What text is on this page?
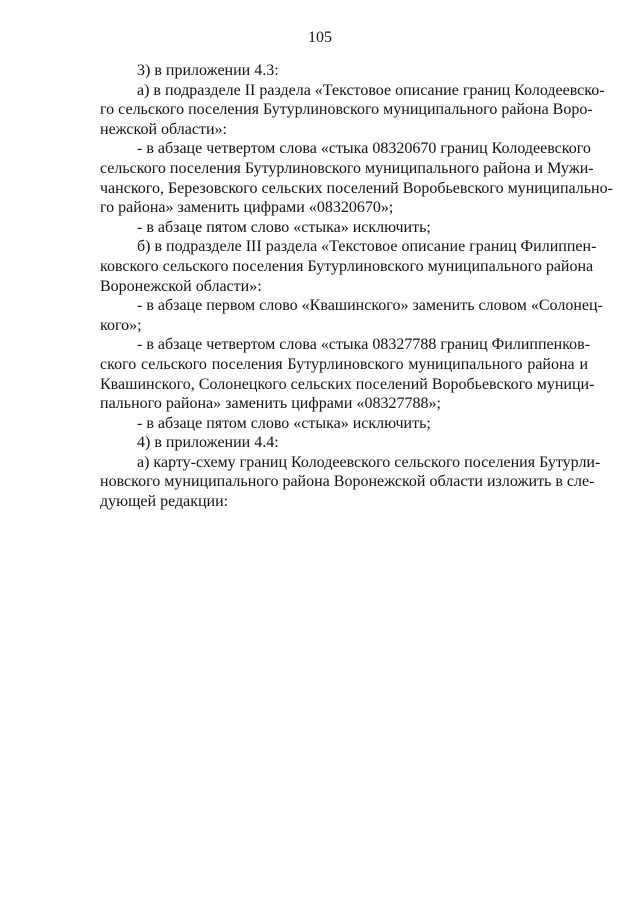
105
3) в приложении 4.3:
а) в подразделе II раздела «Текстовое описание границ Колодеевско-
го сельского поселения Бутурлиновского муниципального района Воро-
нежской области»:
- в абзаце четвертом слова «стыка 08320670 границ Колодеевского
сельского поселения Бутурлиновского муниципального района и Мужи-
чанского, Березовского сельских поселений Воробьевского муниципально-
го района» заменить цифрами «08320670»;
- в абзаце пятом слово «стыка» исключить;
б) в подразделе III раздела «Текстовое описание границ Филиппен-
ковского сельского поселения Бутурлиновского муниципального района
Воронежской области»:
- в абзаце первом слово «Квашинского» заменить словом «Солонец-
кого»;
- в абзаце четвертом слова «стыка 08327788 границ Филиппенков-
ского сельского поселения Бутурлиновского муниципального района и
Квашинского, Солонецкого сельских поселений Воробьевского муници-
пального района» заменить цифрами «08327788»;
- в абзаце пятом слово «стыка» исключить;
4) в приложении 4.4:
а) карту-схему границ Колодеевского сельского поселения Бутурли-
новского муниципального района Воронежской области изложить в сле-
дующей редакции:
